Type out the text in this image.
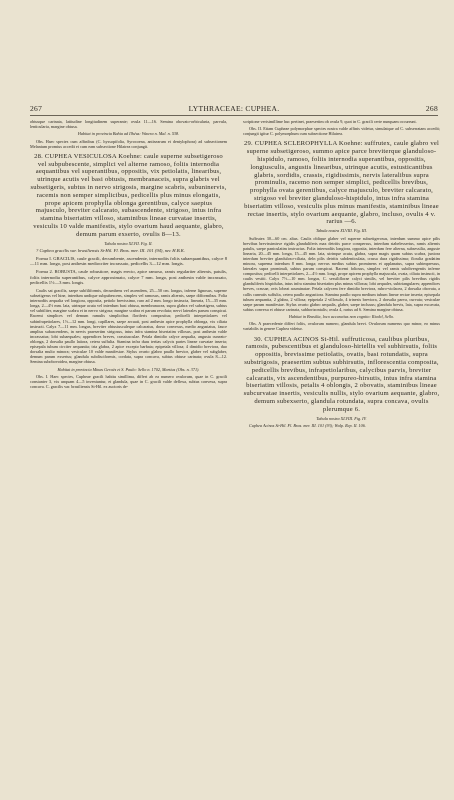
267	LYTHRACEAE: CUPHEA.	268

obtusque carinata, latitudine longitudinem superante; ovula 11—16. Semina obovato-orbicularia, parvula, lenticularia, margine obtusa.

Habitat in provincia Bahia ad Ilhéus: Wawra n. Mal. n. 538.

Obs. Haec species cum affinibus (C. hyssopifolia, Syrocoena, antisearum et dentylophora) ad subsectionem Melanium promius accedit et cum eam subsectione Hilairea conjungit.

28. CUPHEA VESICULOSA Koehne: caule superne subsetigeroso vel subpubescente, simplici vel alterne ramoso, foliis internodia aequantibus vel superantibus, oppositis, vix petiolatis, linearibus, utrinque acutis vel basi obtusis, membranaceis, supra glabris vel subsetigeris, subtus in nervo strigosis, margine scabris, subuninervis, racemis non semper simplicibus, pedicellis plus minus elongatis, prope apicem prophylla oblonga gerentibus, calyce saepius majusculo, breviter calcarato, subascendente, strigoso, intus infra stamina biseriatim villoso, staminibus lineae curvatae insertis, vesiculis 10 valde manifestis, stylo ovarium haud aequante, glabro, demum parum exserto, ovulis 8—13.

Tabula nostra XLVII. Fig. II.

? Cuphea gracilis var. brasiliensis St-Hil. Fl. Bras. mer. III. 101 (94), nec H.B.K.

Forma I. GRACILIS, caule gracili, decumbente, ascendente, internodiis foliis subaequantibus, calyce 8—11 mm. longo, post anthesin mediocriter incrassato, pedicellis 3—12 mm. longis.

Forma 2. ROBUSTA, caule robustiore, magis erecto, apice ramoso, ramis regulariter alternis, patulis, foliis internodia superantibus, calyce approximato, calyce 7 mm. longo, post anthesin valde incrassato, pedicellis 1½—3 mm. longis.

Caulis sat gracilis, saepe subfiliformis, decumbens vel ascendens, 25—50 cm. longus, inferne lignosus, superne subsetigerus vel hine, interdum undique subpubescens, simplex vel ramosus, ramis alternis, saepe difformibus. Folia internodiis aequalia vel longiora, opposita, petiolo brevissimo, raro ad 2 mm. longo instructa, linearia, 15—35 mm. longa, 2—4½ mm. lata, utrinque acuta vel interdum basi obtusa, membranacea, supra glabra vel subsetigera, subtus vel subtiliter, margine scabra et in nervo strigosa; margine scabra et parum revoluta; nervi laterales parum conspicui. Racemi simplices vel demum ramulis simplicibus floriferis compositus; pedicelli interpetiolares vel subinfrapetiolares, 1½—12 mm. longi, capillares, saepe arcuati, post anthesin apice prophylla oblonga, vix ciliata instructi. Calyx 7—11 mm. longus, breviter obtusiusculeque calcaratus, dorso convexus, medio angustatus, fauce amplius subascendens, in nervis praesertim strigosus, intus infra stamina biseriatim villosus, post anthesin valde incrassatus; lobi subaequales; appendices breves, crassiusculae. Petala dimidio calyce aequalia, angusta cuneato-oblonga, 2 dorsalia paullo latiora, cetera suffulta. Stamina infra duas tertias calycis partes lineae curvatae inserta; episepala tubum circiter aequantia; tria glabra, 2 apice excepto barbata; epipetala villosa; 4 dimidio breviora, duo dorsalia multo minora; vesiculae 10 valde manifestae. Stylus ovario glabro paullo brevior, glaber vel subglaber, demum parum exsertus; glandula subdisciformis, cordata, supra concava, subtus obtuse carinata; ovula 8—12. Semina subobovoidea, margine obtusa.

Habitat in provincia Minas Geraës et S. Paulo: Sello n. 1702, Martius (Obs. n. 371).

Obs. I. Haec species, Cupheae gracili habitu simillima, differt ab ea numero ovulorum, quae in C. gracili constanter 3, vix unquam 4—5 inveniuntur, et glandula, quae in C. gracili valde deflexa, subtus convexa, supra concava. C. gracilis var. brasiliensis St-Hil. ex auctoris de-

scriptione verisimillime huc pertinet, praesertim ob ovula 9, quot in C. gracili certe nunquam occurrunt.

Obs. II. Etiam Cupheae polymorphae species nostra valde affinis videtur, simulatque ad C. subserratam accedit; conjungit igitur C. polymorphum cum subsectione Hilairea.

29. CUPHEA SCLEROPHYLLA Koehne: suffrutex, caule glabro vel superne subsetigeroso, summo apice parce breviterque glanduloso-hispidulo, ramoso, foliis internodia superantibus, oppositis, longiusculis, angustis linearibus, utrinque acutis, estusticantibus glabris, sordidis, crassis, rigidissimis, nervis lateralibus supra prominulis, racemo non semper simplici, pedicellis brevibus, prophylla ovata gerentibus, calyce majusculo, breviter calcarato, strigoso vel breviter glanduloso-hispidulo, intus infra stamina biseriatim villoso, vesiculis plus minus manifestis, staminibus lineae rectae insertis, stylo ovarium aequante, glabro, incluso, ovulis 4 v. rarius —6.

Tabula nostra XLVIII. Fig. III.

Suffrutex 30—60 cm. altus. Caulis oblique glaber vel superne subsetigerosus, interdum summo apice pilis brevibus brevissimisve rigidis glanduliferis max detritis parce conspersus, interdum stabelessertus, ramis alternis patulis, saepe paniculatim instructus. Folia internodiis longiora, opposita, interdum fere alterna, subsessilia, anguste linearia, 20—45 mm. longa, 15—45 mm. lata, utrinque acuta, glabra, supra magis quam subtus scabra, juniora interdum breviter glanduloso-ciliata, deln pilis detritis subdenticulata, crassa dura rigidissima; floralia gradatim minora, suprema interdum 8 mm. longa; nervus medius subtus prominens et applanatus, supra subimpressus, laterales supra prominuli, subtus parum conspicui. Racemi foliosus, simplex vel ramis subdivergentis inferne compositus; pedicelli interpetiolares, 2—4½ mm. longi, prope apicem prophylla majuscula, ovata, ciliata instructi, in caulis vestiti. Calyx 7½—10 mm. longus, C. sessiliflorae calyci similis, vel breviter pilis brevibus rigidis glanduliferis hispidulus, intus infra stamina biseriatim plus minus villosus; lobi aequales, subtriangulares; appendices breves, crassae, ovis lobeat acuminatae. Petala calycem fere dimidio breviora, rubro-violacea, 2 dorsalia obovata, a callis cuneatis suffulta, cetera paullo angustiora. Stamina paullo supra medium tubum lineae rectae inserta; episepala tubum aequantia, 2 glabra, 2 villosa; epipetala 2 villosulo, 4 trinesis breviora, 2 dorsalia parva, curvata; vesiculae saepe parum manifestae. Stylus ovario glabro aequalis, glaber, saepe inclusus; glandula brevis, lata, supra excavata, subtus convexa et obtuse carinata, subhorizontalis; ovula 4, rarius ad 6. Semina margine obtusa.

Habitat in Brasilia, loco accuratius non cognito: Riedel, Sello.

Obs. A praecedente differt foliis, ovulorum numero, glandula brevi. Ovulorum numerus quo minor, eo minus variabilis in genere Cuphea videtur.

30. CUPHEA ACINOS St-Hil. suffruticosa, caulibus pluribus, ramosis, pubescentibus et glanduloso-hirtellis vel subhirsutis, foliis oppositis, brevissime petiolatis, ovatis, basi rotundatis, supra substrigosis, praesertim subtus subhirsutis, inflorescentia composita, pedicellis brevibus, infrapetiolaribus, calycibus parvis, breviter calcaratis, vix ascendentibus, purpureo-hirsutis, intus infra stamina biseriatim villosis, petalis 4 oblongis, 2 obovatis, staminibus lineae subcurvatae insertis, vesiculis nullis, stylo ovarium aequante, glabro, demum subexserto, glandula rotundata, supra concava, ovulis plerumque 6.

Tabula nostra XLVIII. Fig. IV.

Cuphea Acinos St-Hil. Fl. Bras. mer. III. 101 (93); Walp. Rep. II. 106.
